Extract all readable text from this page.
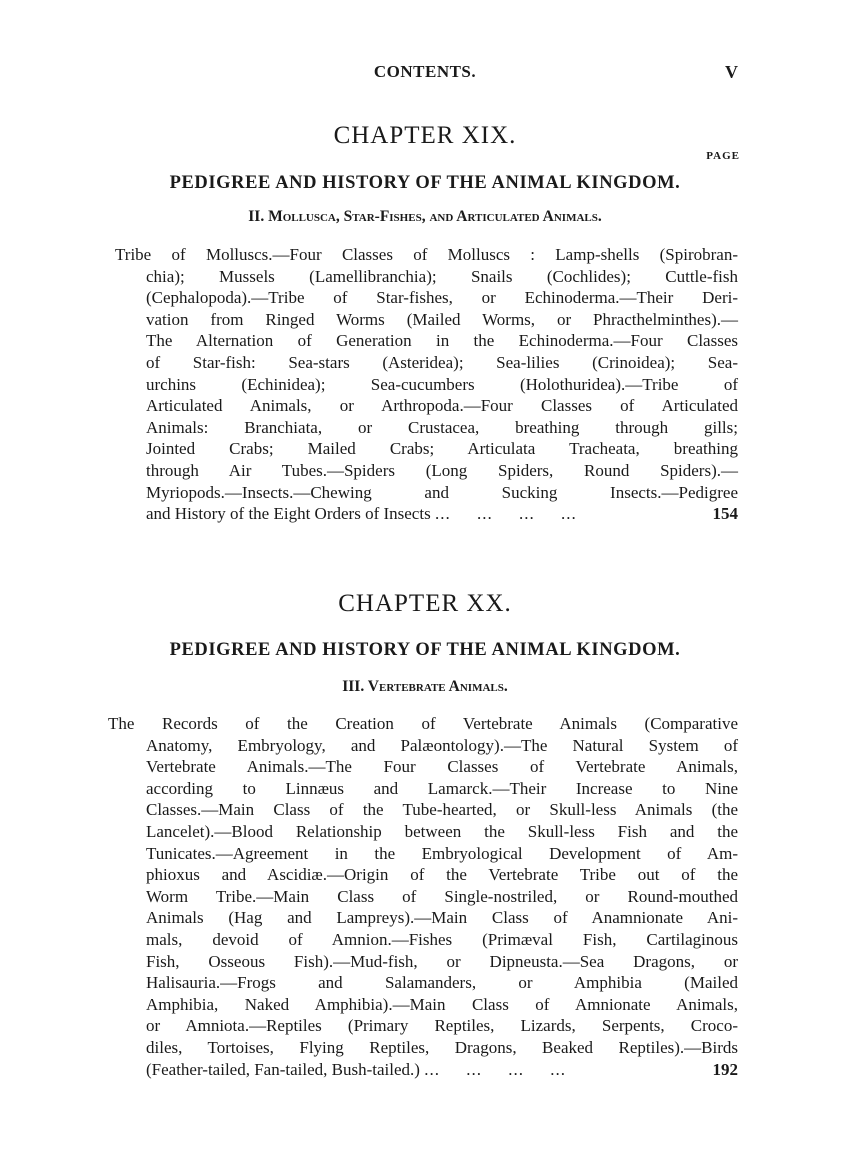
CONTENTS.	V
CHAPTER XIX.
PAGE
PEDIGREE AND HISTORY OF THE ANIMAL KINGDOM.
II. Mollusca, Star-Fishes, and Articulated Animals.
Tribe of Molluscs.—Four Classes of Molluscs : Lamp-shells (Spirobran-
chia); Mussels (Lamellibranchia); Snails (Cochlides); Cuttle-fish
(Cephalopoda).—Tribe of Star-fishes, or Echinoderma.—Their Deri-
vation from Ringed Worms (Mailed Worms, or Phracthelminthes).—
The Alternation of Generation in the Echinoderma.—Four Classes
of Star-fish: Sea-stars (Asteridea); Sea-lilies (Crinoidea); Sea-
urchins (Echinidea); Sea-cucumbers (Holothuridea).—Tribe of
Articulated Animals, or Arthropoda.—Four Classes of Articulated
Animals: Branchiata, or Crustacea, breathing through gills;
Jointed Crabs; Mailed Crabs; Articulata Tracheata, breathing
through Air Tubes.—Spiders (Long Spiders, Round Spiders).—
Myriopods.—Insects.—Chewing and Sucking Insects.—Pedigree
and History of the Eight Orders of Insects ...     ...     ...     ...	154
CHAPTER XX.
PEDIGREE AND HISTORY OF THE ANIMAL KINGDOM.
III. Vertebrate Animals.
The Records of the Creation of Vertebrate Animals (Comparative
Anatomy, Embryology, and Palæontology).—The Natural System of
Vertebrate Animals.—The Four Classes of Vertebrate Animals,
according to Linnæus and Lamarck.—Their Increase to Nine
Classes.—Main Class of the Tube-hearted, or Skull-less Animals (the
Lancelet).—Blood Relationship between the Skull-less Fish and the
Tunicates.—Agreement in the Embryological Development of Am-
phioxus and Ascidiæ.—Origin of the Vertebrate Tribe out of the
Worm Tribe.—Main Class of Single-nostriled, or Round-mouthed
Animals (Hag and Lampreys).—Main Class of Anamnionate Ani-
mals, devoid of Amnion.—Fishes (Primæval Fish, Cartilaginous
Fish, Osseous Fish).—Mud-fish, or Dipneusta.—Sea Dragons, or
Halisauria.—Frogs and Salamanders, or Amphibia (Mailed
Amphibia, Naked Amphibia).—Main Class of Amnionate Animals,
or Amniota.—Reptiles (Primary Reptiles, Lizards, Serpents, Croco-
diles, Tortoises, Flying Reptiles, Dragons, Beaked Reptiles).—Birds
(Feather-tailed, Fan-tailed, Bush-tailed.) ...     ...     ...     ...	192
